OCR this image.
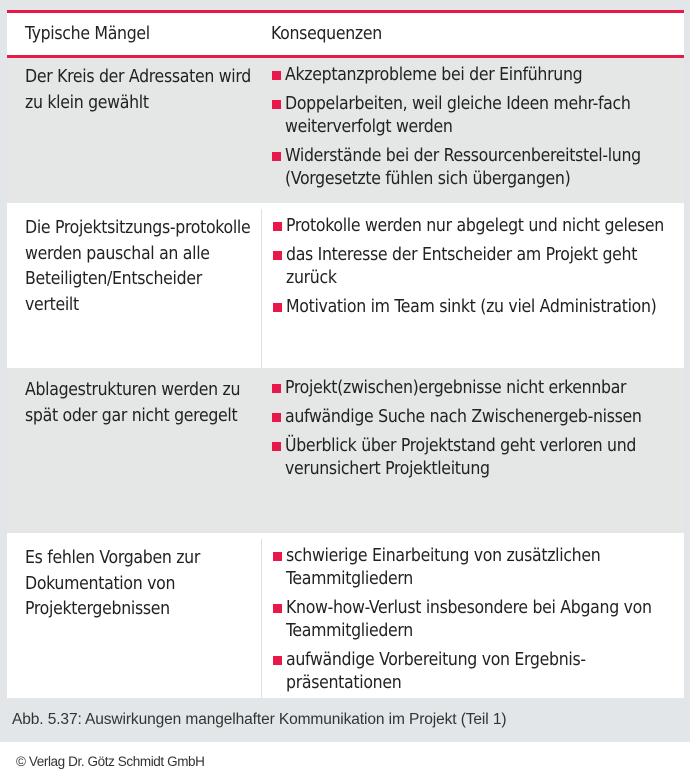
Typische Mängel	Konsequenzen
Der Kreis der Adressaten wird zu klein gewählt
Akzeptanzprobleme bei der Einführung
Doppelarbeiten, weil gleiche Ideen mehr-fach weiterverfolgt werden
Widerstände bei der Ressourcenbereitstel-lung (Vorgesetzte fühlen sich übergangen)
Die Projektsitzungs-protokolle werden pauschal an alle Beteiligten/Entscheider verteilt
Protokolle werden nur abgelegt und nicht gelesen
das Interesse der Entscheider am Projekt geht zurück
Motivation im Team sinkt (zu viel Administration)
Ablagestrukturen werden zu spät oder gar nicht geregelt
Projekt(zwischen)ergebnisse nicht erkennbar
aufwändige Suche nach Zwischenergeb-nissen
Überblick über Projektstand geht verloren und verunsichert Projektleitung
Es fehlen Vorgaben zur Dokumentation von Projektergebnissen
schwierige Einarbeitung von zusätzlichen Teammitgliedern
Know-how-Verlust insbesondere bei Abgang von Teammitgliedern
aufwändige Vorbereitung von Ergebnis-präsentationen
Abb. 5.37: Auswirkungen mangelhafter Kommunikation im Projekt (Teil 1)
© Verlag Dr. Götz Schmidt GmbH
